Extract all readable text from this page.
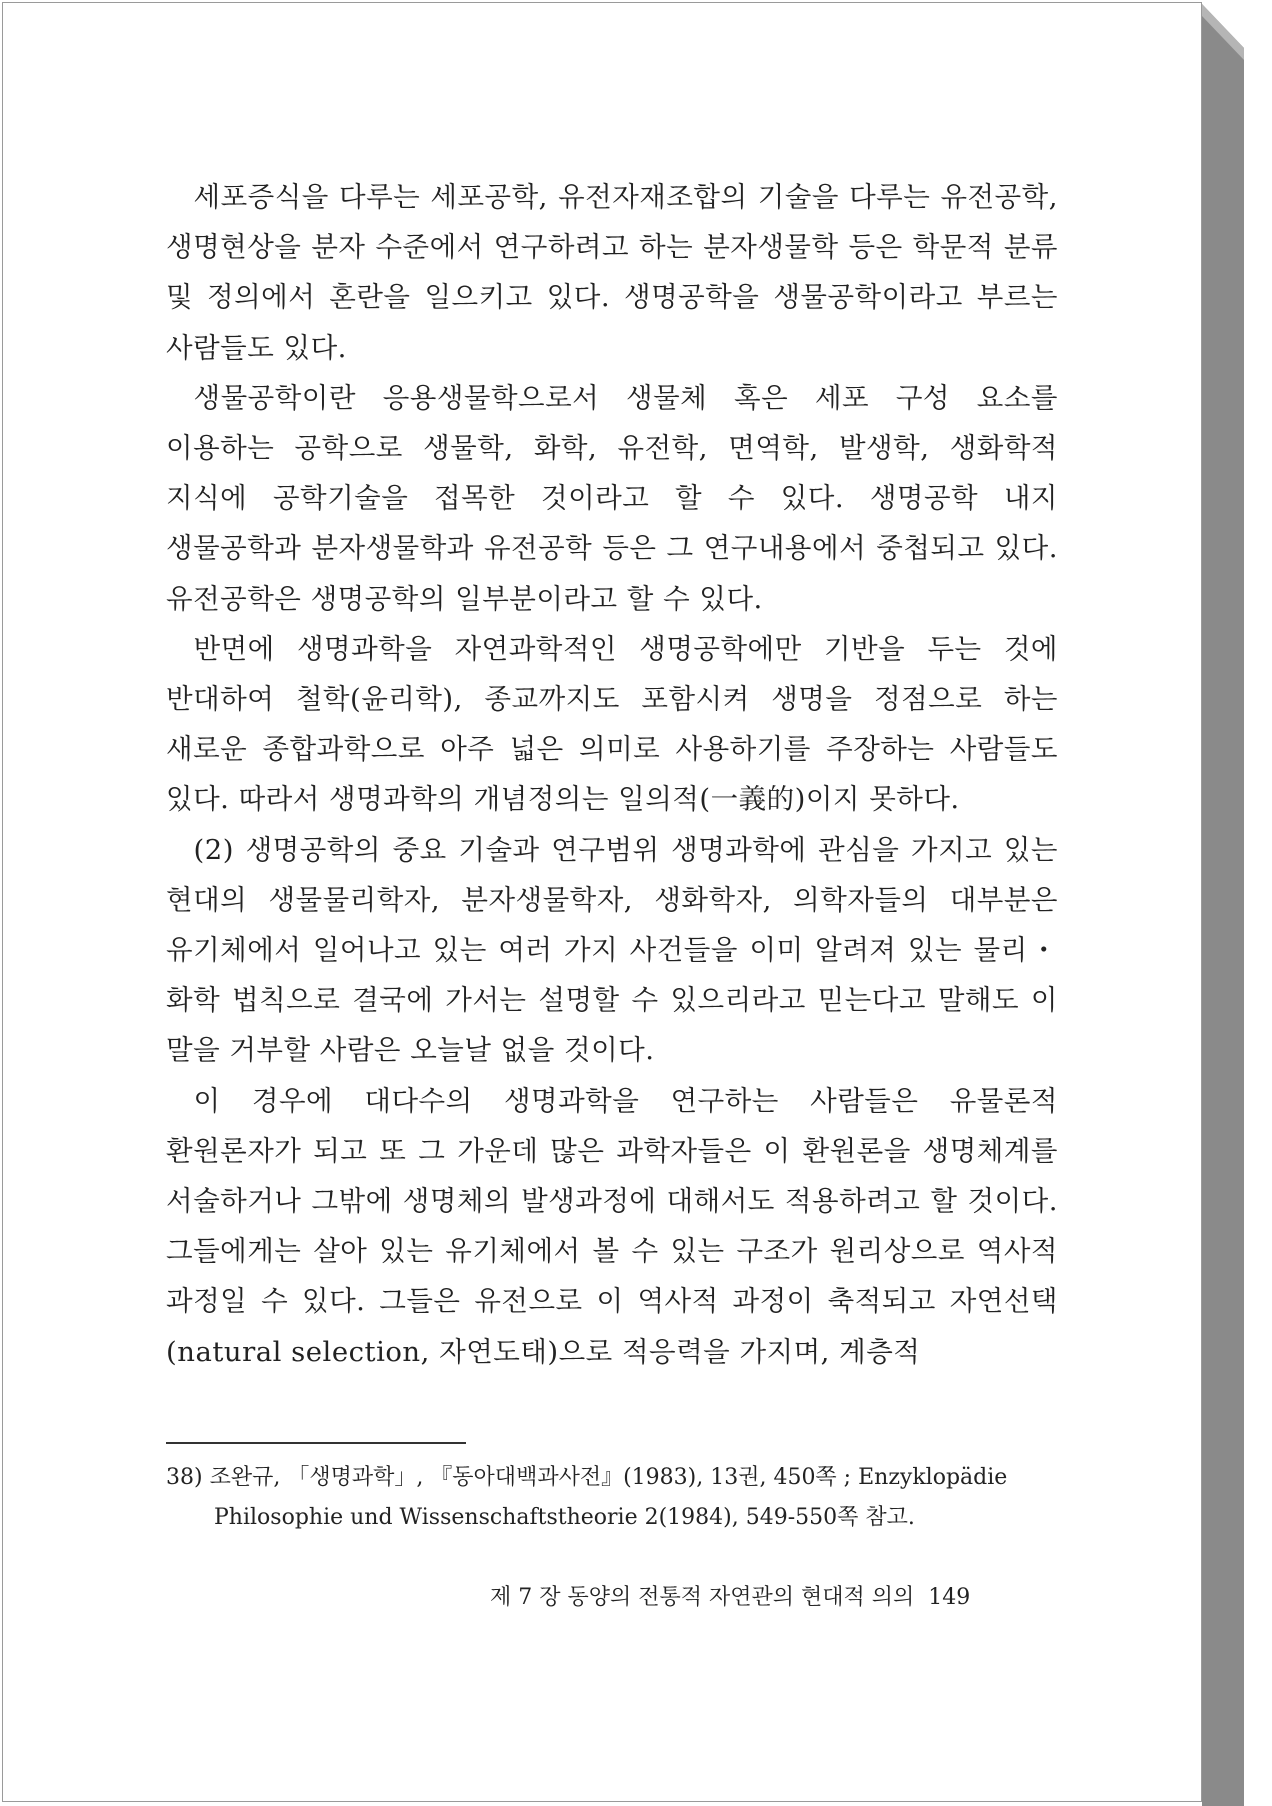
세포증식을 다루는 세포공학, 유전자재조합의 기술을 다루는 유전공학, 생명현상을 분자 수준에서 연구하려고 하는 분자생물학 등은 학문적 분류 및 정의에서 혼란을 일으키고 있다. 생명공학을 생물공학이라고 부르는 사람들도 있다.

생물공학이란 응용생물학으로서 생물체 혹은 세포 구성 요소를 이용하는 공학으로 생물학, 화학, 유전학, 면역학, 발생학, 생화학적 지식에 공학기술을 접목한 것이라고 할 수 있다. 생명공학 내지 생물공학과 분자생물학과 유전공학 등은 그 연구내용에서 중첩되고 있다. 유전공학은 생명공학의 일부분이라고 할 수 있다.

반면에 생명과학을 자연과학적인 생명공학에만 기반을 두는 것에 반대하여 철학(윤리학), 종교까지도 포함시켜 생명을 정점으로 하는 새로운 종합과학으로 아주 넓은 의미로 사용하기를 주장하는 사람들도 있다. 따라서 생명과학의 개념정의는 일의적(一義的)이지 못하다.

(2) 생명공학의 중요 기술과 연구범위 생명과학에 관심을 가지고 있는 현대의 생물물리학자, 분자생물학자, 생화학자, 의학자들의 대부분은 유기체에서 일어나고 있는 여러 가지 사건들을 이미 알려져 있는 물리・화학 법칙으로 결국에 가서는 설명할 수 있으리라고 믿는다고 말해도 이 말을 거부할 사람은 오늘날 없을 것이다.

이 경우에 대다수의 생명과학을 연구하는 사람들은 유물론적 환원론자가 되고 또 그 가운데 많은 과학자들은 이 환원론을 생명체계를 서술하거나 그밖에 생명체의 발생과정에 대해서도 적용하려고 할 것이다. 그들에게는 살아 있는 유기체에서 볼 수 있는 구조가 원리상으로 역사적 과정일 수 있다. 그들은 유전으로 이 역사적 과정이 축적되고 자연선택(natural selection, 자연도태)으로 적응력을 가지며, 계층적

38) 조완규, 「생명과학」, 『동아대백과사전』(1983), 13권, 450쪽 ; Enzyklopädie Philosophie und Wissenschaftstheorie 2(1984), 549-550쪽 참고.

제 7 장 동양의 전통적 자연관의 현대적 의의 149
